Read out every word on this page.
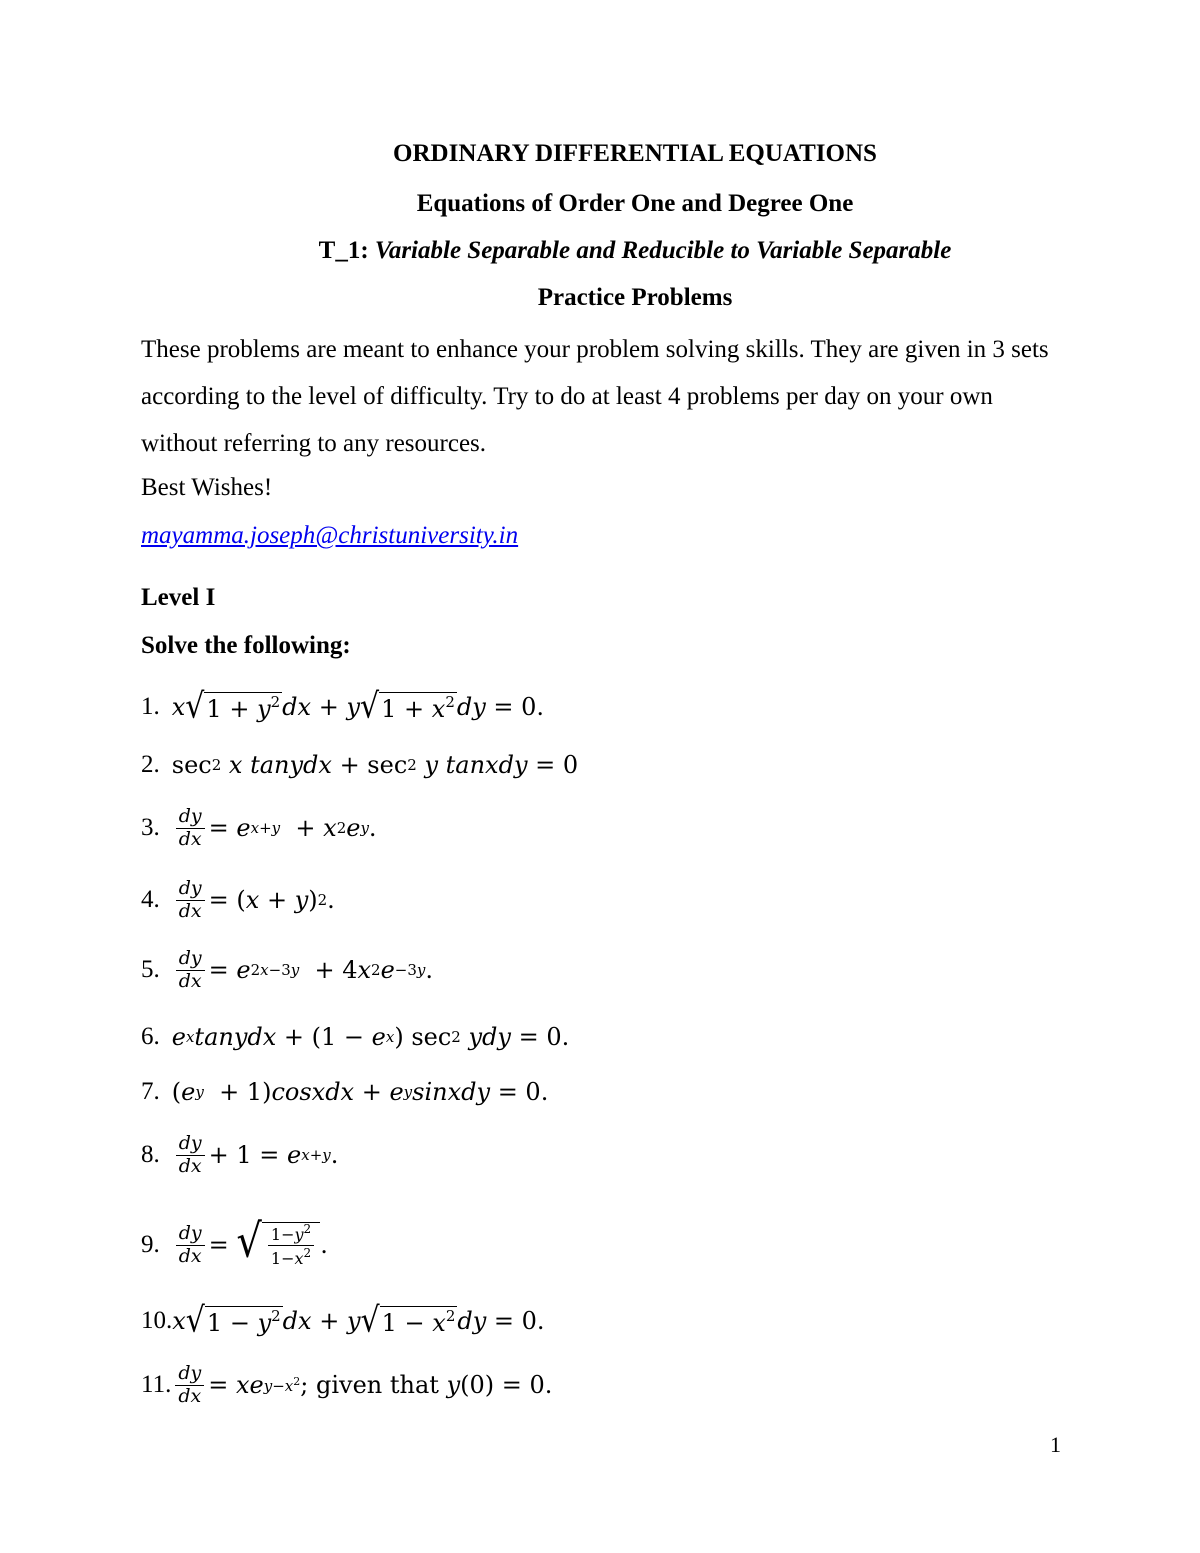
ORDINARY DIFFERENTIAL EQUATIONS
Equations of Order One and Degree One
T_1: Variable Separable and Reducible to Variable Separable
Practice Problems
These problems are meant to enhance your problem solving skills. They are given in 3 sets according to the level of difficulty. Try to do at least 4 problems per day on your own without referring to any resources.
Best Wishes!
mayamma.joseph@christuniversity.in
Level I
Solve the following:
1. x √ $1 + y^2$ dx + y √ $1 + x^2$ dy = 0.
2. sec 2
x tanydx + sec 2
y tanxdy = 0
3. $\frac{dy}{dx} = e$ x+y + x 2 e y .
4. $\frac{dy}{dx}$ = ( x + y ) 2 .
5. $\frac{dy}{dx} = e$ 2x−3y + 4 x 2 e −3y .
6. e x tanydx + (1 − e x ) sec 2
ydy = 0.
7. ( e y + 1) cosxdx + e y sinxdy = 0.
8. $\frac{dy}{dx} + 1 = e$ x+y .
9. $\frac{dy}{dx}$ = √ $\frac{1-y^2}{1-x^2}$ .
10. x √ $1 - y^2$ dx + y √ $1 - x^2$ dy = 0.
11. $\frac{dy}{dx}$ = xe $y-x^2$ ; given that y (0) = 0.
1
